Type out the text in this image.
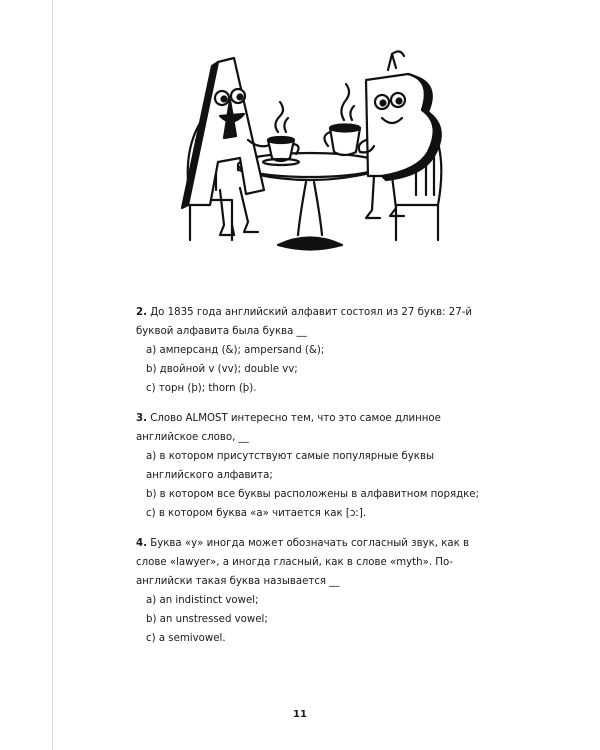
2. До 1835 года английский алфавит состоял из 27 букв: 27-й буквой алфавита была буква __

a) амперсанд (&); ampersand (&);
b) двойной v (vv); double vv;
c) торн (þ); thorn (þ).

3. Слово ALMOST интересно тем, что это самое длинное английское слово, __

a) в котором присутствуют самые популярные буквы английского алфавита;
b) в котором все буквы расположены в алфавитном порядке;
c) в котором буква «а» читается как [ɔː].

4. Буква «у» иногда может обозначать согласный звук, как в слове «lawyer», а иногда гласный, как в слове «myth». По-английски такая буква называется __

a) an indistinct vowel;
b) an unstressed vowel;
c) a semivowel.
11
